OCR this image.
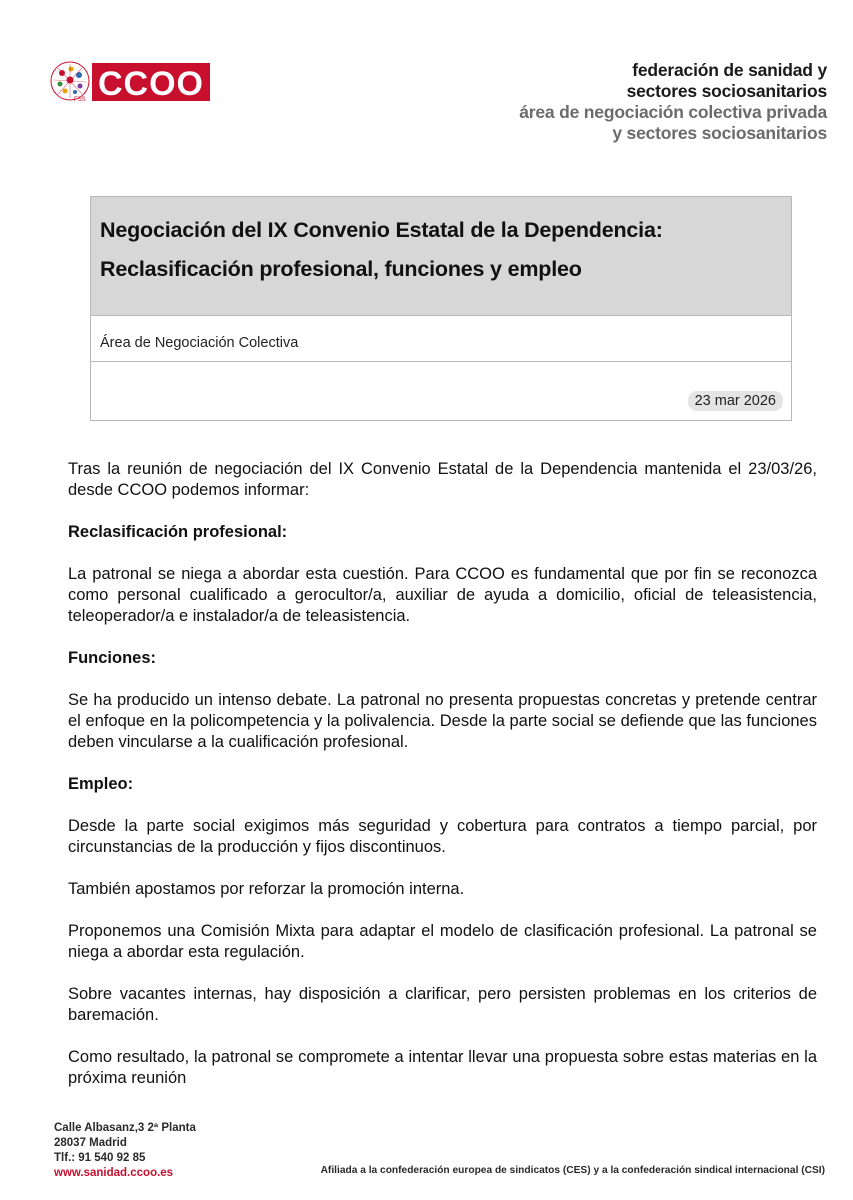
FSS CCOO	federación de sanidad y
sectores sociosanitarios
área de negociación colectiva privada
y sectores sociosanitarios
Negociación del IX Convenio Estatal de la Dependencia:
Reclasificación profesional, funciones y empleo
Área de Negociación Colectiva
23 mar 2026

Tras la reunión de negociación del IX Convenio Estatal de la Dependencia mantenida el 23/03/26, desde CCOO podemos informar:

Reclasificación profesional:

La patronal se niega a abordar esta cuestión. Para CCOO es fundamental que por fin se reconozca como personal cualificado a gerocultor/a, auxiliar de ayuda a domicilio, oficial de teleasistencia, teleoperador/a e instalador/a de teleasistencia.

Funciones:

Se ha producido un intenso debate. La patronal no presenta propuestas concretas y pretende centrar el enfoque en la policompetencia y la polivalencia. Desde la parte social se defiende que las funciones deben vincularse a la cualificación profesional.

Empleo:

Desde la parte social exigimos más seguridad y cobertura para contratos a tiempo parcial, por circunstancias de la producción y fijos discontinuos.

También apostamos por reforzar la promoción interna.

Proponemos una Comisión Mixta para adaptar el modelo de clasificación profesional. La patronal se niega a abordar esta regulación.

Sobre vacantes internas, hay disposición a clarificar, pero persisten problemas en los criterios de baremación.

Como resultado, la patronal se compromete a intentar llevar una propuesta sobre estas materias en la próxima reunión

Calle Albasanz,3 2ª Planta
28037 Madrid
Tlf.: 91 540 92 85
www.sanidad.ccoo.es	Afiliada a la confederación europea de sindicatos (CES) y a la confederación sindical internacional (CSI)
